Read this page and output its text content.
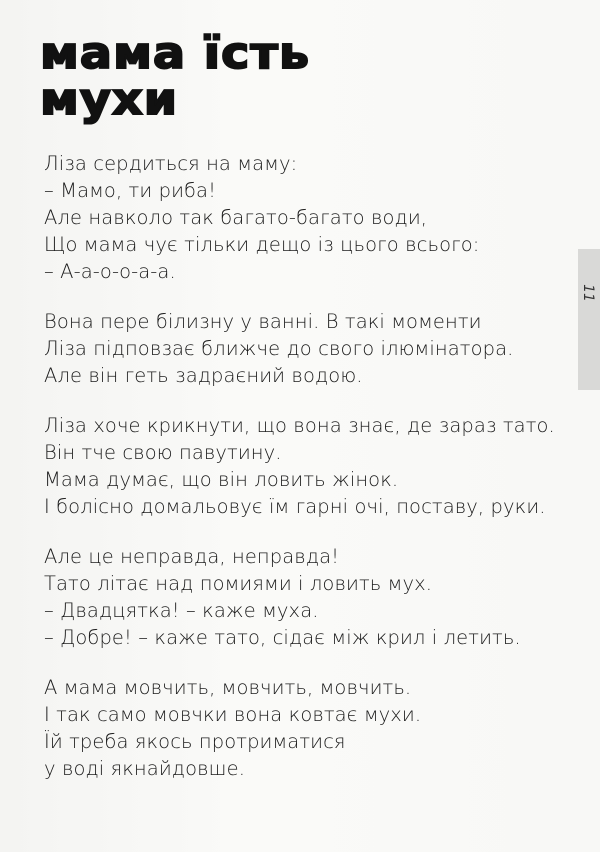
мама їсть
мухи
Ліза сердиться на маму:
– Мамо, ти риба!
Але навколо так багато-багато води,
Що мама чує тільки дещо із цього всього:
– А-а-о-о-а-а.
Вона пере білизну у ванні. В такі моменти
Ліза підповзає ближче до свого ілюмінатора.
Але він геть задраєний водою.
Ліза хоче крикнути, що вона знає, де зараз тато.
Він тче свою павутину.
Мама думає, що він ловить жінок.
І болісно домальовує їм гарні очі, поставу, руки.
Але це неправда, неправда!
Тато літає над помиями і ловить мух.
– Двадцятка! – каже муха.
– Добре! – каже тато, сідає між крил і летить.
А мама мовчить, мовчить, мовчить.
І так само мовчки вона ковтає мухи.
Їй треба якось протриматися
у воді якнайдовше.
11
